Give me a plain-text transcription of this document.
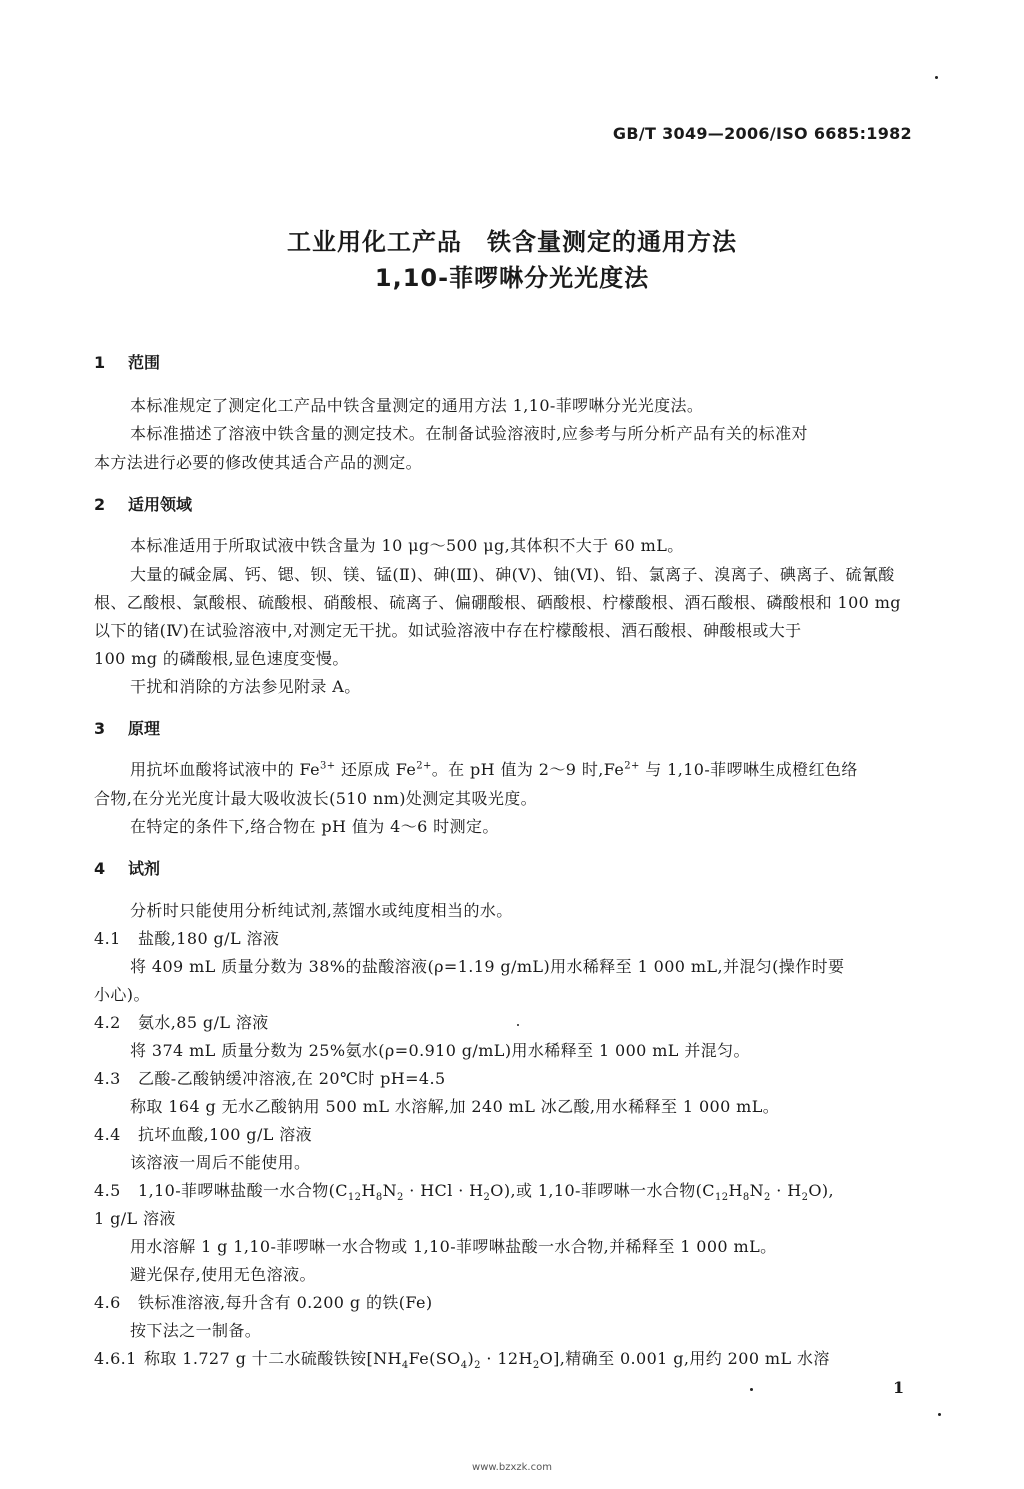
GB/T 3049—2006/ISO 6685:1982
工业用化工产品　铁含量测定的通用方法
1,10-菲啰啉分光光度法
1 范围
本标准规定了测定化工产品中铁含量测定的通用方法 1,10-菲啰啉分光光度法。
本标准描述了溶液中铁含量的测定技术。在制备试验溶液时,应参考与所分析产品有关的标准对
本方法进行必要的修改使其适合产品的测定。
2 适用领域
本标准适用于所取试液中铁含量为 10 μg～500 μg,其体积不大于 60 mL。
大量的碱金属、钙、锶、钡、镁、锰(Ⅱ)、砷(Ⅲ)、砷(Ⅴ)、铀(Ⅵ)、铅、氯离子、溴离子、碘离子、硫氰酸
根、乙酸根、氯酸根、硫酸根、硝酸根、硫离子、偏硼酸根、硒酸根、柠檬酸根、酒石酸根、磷酸根和 100 mg
以下的锗(Ⅳ)在试验溶液中,对测定无干扰。如试验溶液中存在柠檬酸根、酒石酸根、砷酸根或大于
100 mg 的磷酸根,显色速度变慢。
干扰和消除的方法参见附录 A。
3 原理
用抗坏血酸将试液中的 $Fe^{3+}$ 还原成 $Fe^{2+}$。在 pH 值为 2～9 时$,Fe^{2+}$ 与 1,10-菲啰啉生成橙红色络
合物,在分光光度计最大吸收波长(510 nm)处测定其吸光度。
在特定的条件下,络合物在 pH 值为 4～6 时测定。
4 试剂
分析时只能使用分析纯试剂,蒸馏水或纯度相当的水。
4.1 盐酸,180 g/L 溶液
将 409 mL 质量分数为 38%的盐酸溶液(ρ=1.19 g/mL)用水稀释至 1 000 mL,并混匀(操作时要
小心)。
4.2 氨水,85 g/L 溶液
将 374 mL 质量分数为 25%氨水(ρ=0.910 g/mL)用水稀释至 1 000 mL 并混匀。
4.3 乙酸-乙酸钠缓冲溶液,在 20℃时 pH=4.5
称取 164 g 无水乙酸钠用 500 mL 水溶解,加 240 mL 冰乙酸,用水稀释至 1 000 mL。
4.4 抗坏血酸,100 g/L 溶液
该溶液一周后不能使用。
4.5 1,10-菲啰啉盐酸一水合物($C_{12}H_8N_2$ · HCl · $H_2O$),或 1,10-菲啰啉一水合物$(C_{12}H_8N_2 \cdot H_2O)$,
1 g/L 溶液
用水溶解 1 g 1,10-菲啰啉一水合物或 1,10-菲啰啉盐酸一水合物,并稀释至 1 000 mL。
避光保存,使用无色溶液。
4.6 铁标准溶液,每升含有 0.200 g 的铁(Fe)
按下法之一制备。
4.6.1 称取 1.727 g 十二水硫酸铁铵$[NH_4Fe(SO_4)_2 \cdot 12H_2O]$,精确至 0.001 g,用约 200 mL 水溶
1
www.bzxzk.com
